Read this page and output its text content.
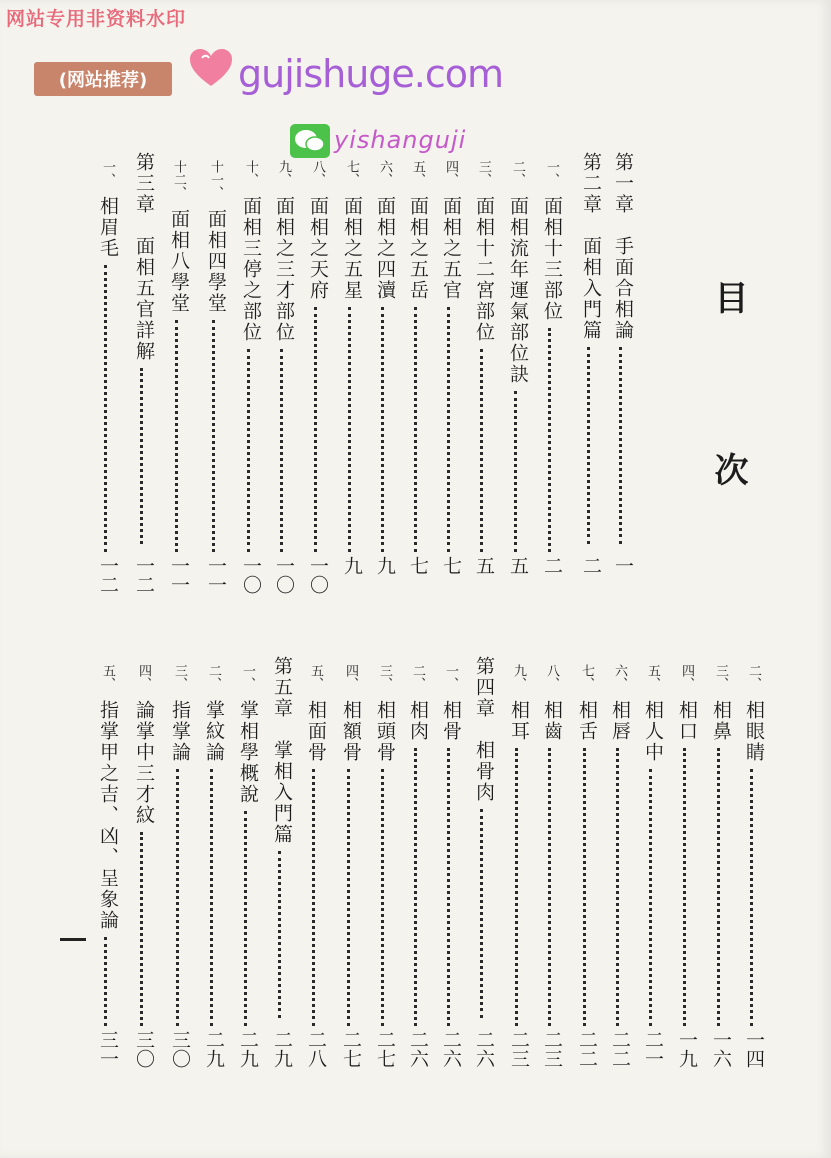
网站专用非资料水印
(网站推荐)	gujishuge.com
yishanguji
目
次
第一章　手面合相論
一
第二章　面相入門篇
二
一、
面相十三部位
二
二、
面相流年運氣部位訣
五
三、
面相十二宮部位
五
四、
面相之五官
七
五、
面相之五岳
七
六、
面相之四瀆
九
七、
面相之五星
九
八、
面相之天府
一〇
九、
面相之三才部位
一〇
十、
面相三停之部位
一〇
十一、
面相四學堂
一一
十二、
面相八學堂
一一
第三章　面相五官詳解
一二
一、
相眉毛
一二
二、
相眼睛
一四
三、
相鼻
一六
四、
相口
一九
五、
相人中
二一
六、
相唇
二二
七、
相舌
二二
八、
相齒
二三
九、
相耳
二三
第四章　相骨肉
二六
一、
相骨
二六
二、
相肉
二六
三、
相頭骨
二七
四、
相額骨
二七
五、
相面骨
二八
第五章　掌相入門篇
二九
一、
掌相學概說
二九
二、
掌紋論
二九
三、
指掌論
三〇
四、
論掌中三才紋
三〇
五、
指掌甲之吉、凶、呈象論
三一
